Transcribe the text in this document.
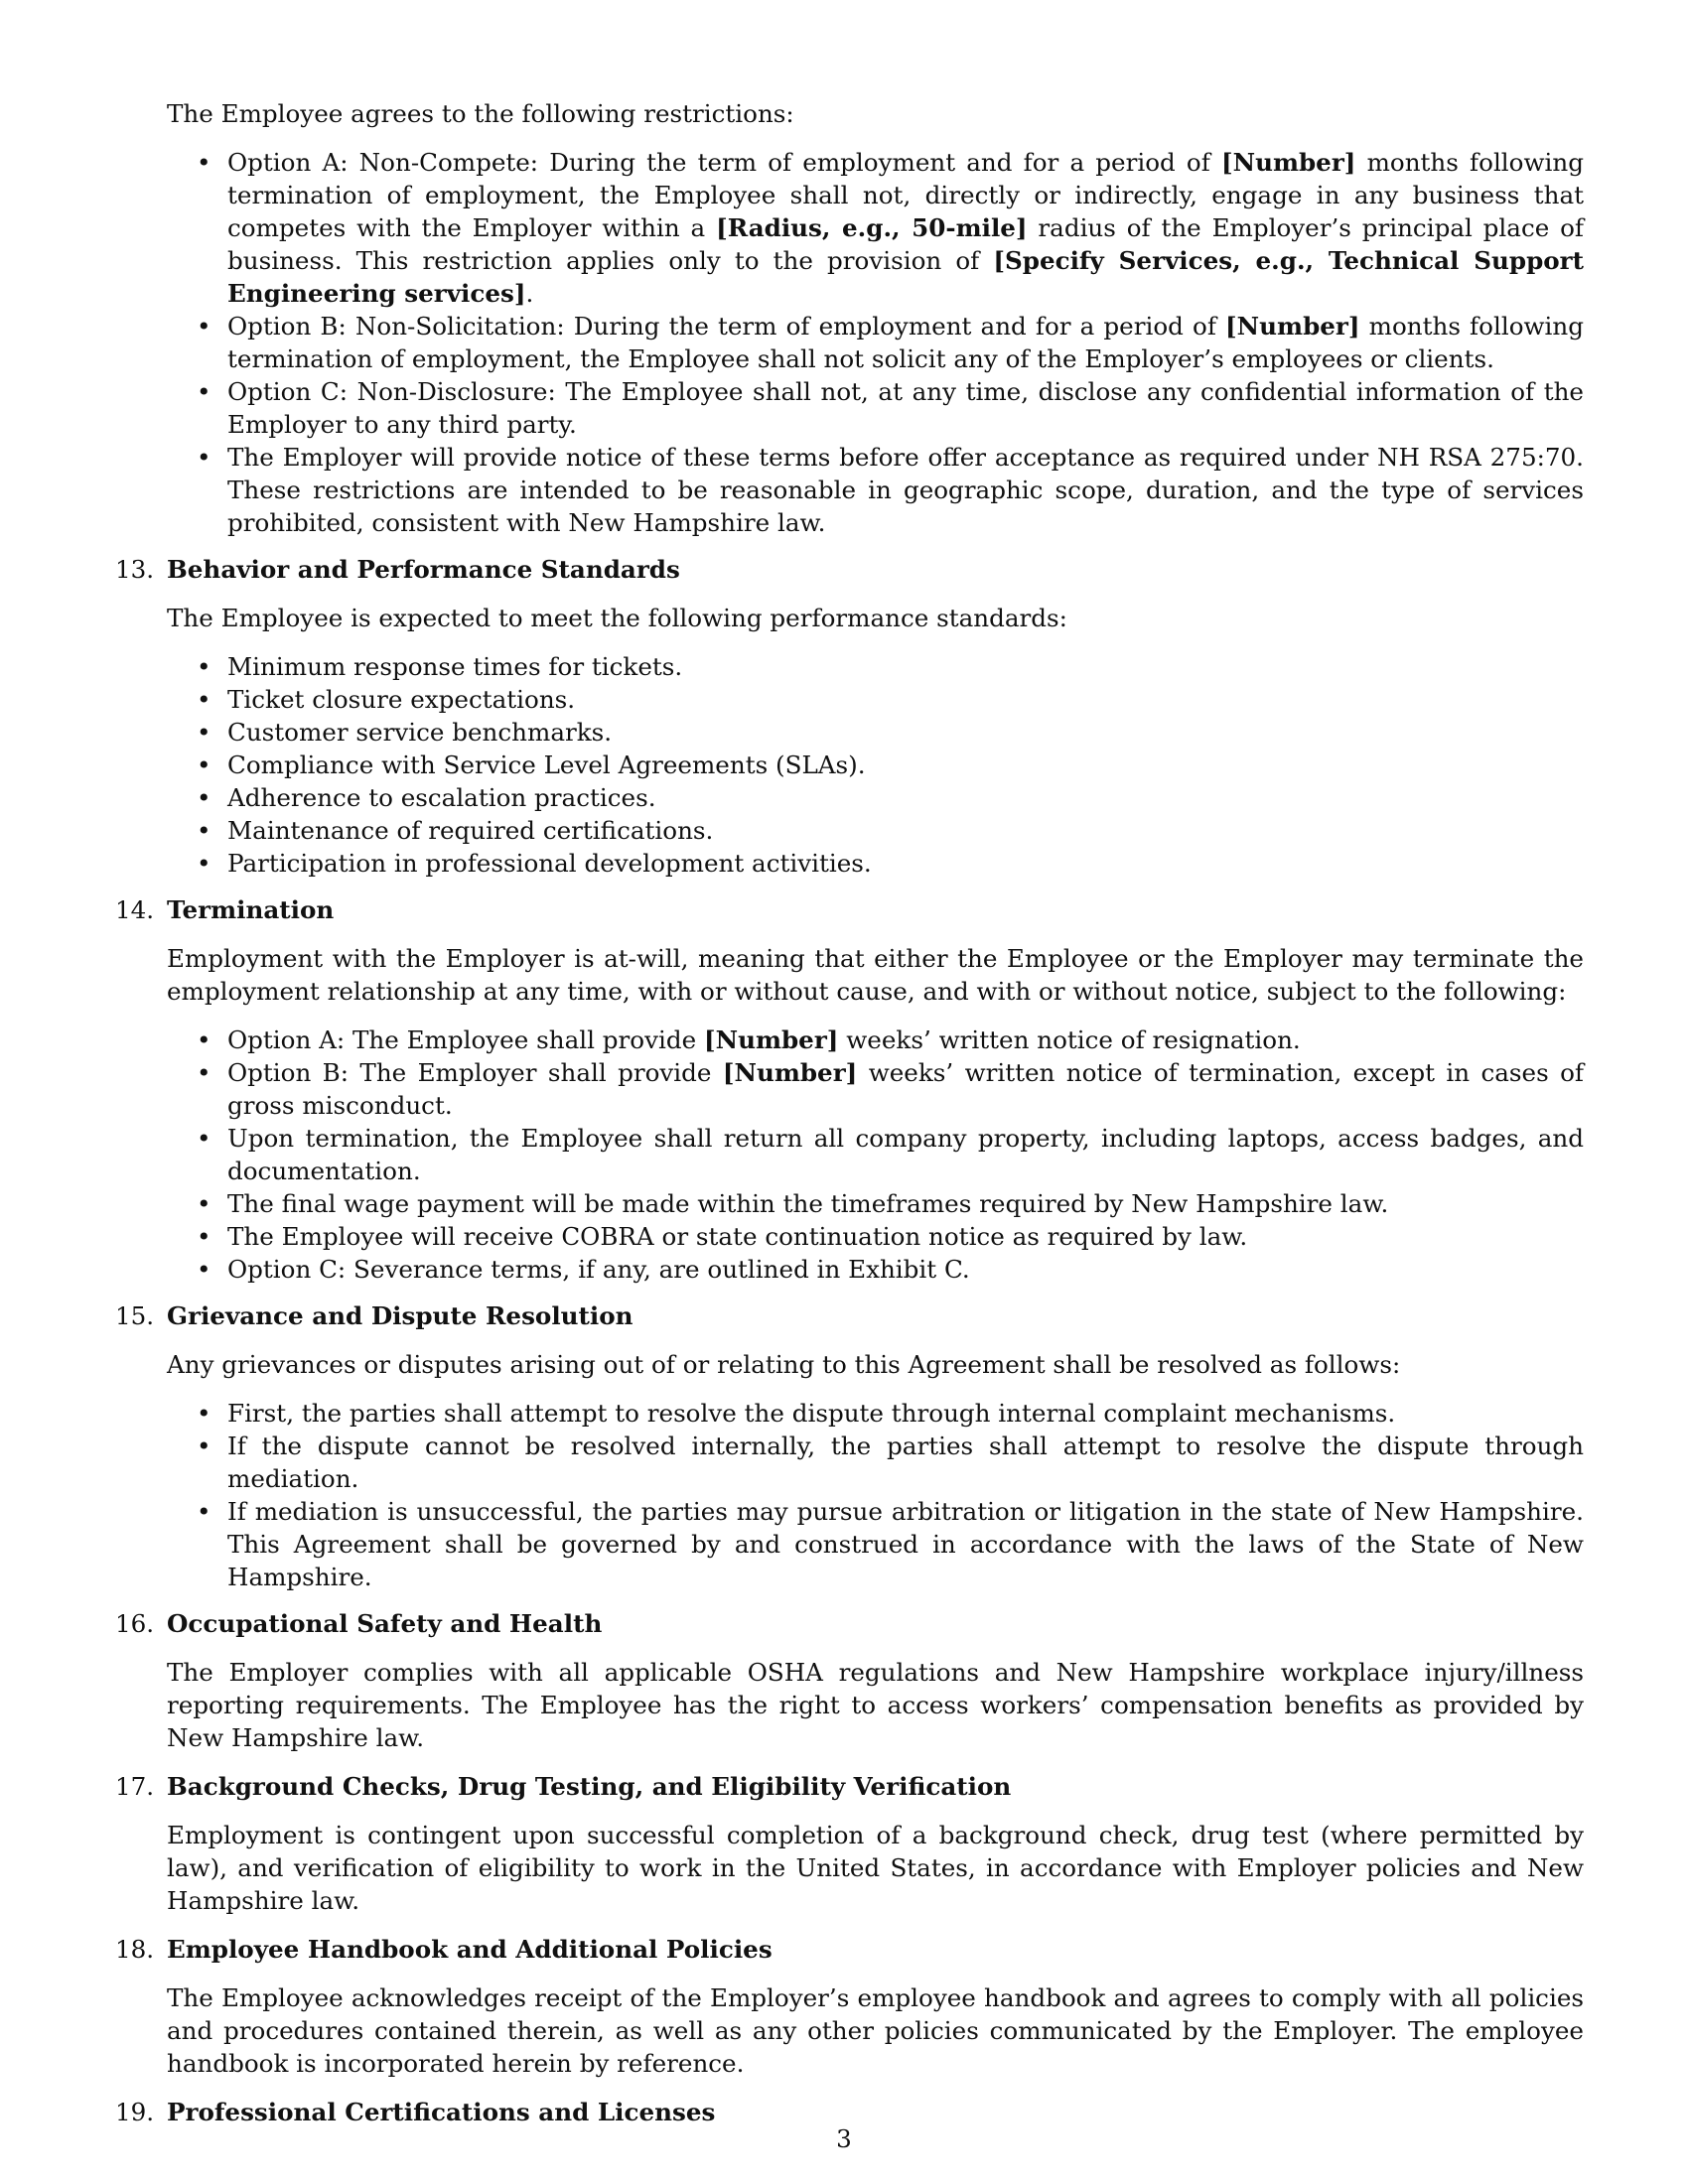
The Employee agrees to the following restrictions:

• Option A: Non-Compete: During the term of employment and for a period of [Number] months following termination of employment, the Employee shall not, directly or indirectly, engage in any business that competes with the Employer within a [Radius, e.g., 50-mile] radius of the Employer’s principal place of business. This restriction applies only to the provision of [Specify Services, e.g., Technical Support Engineering services].
• Option B: Non-Solicitation: During the term of employment and for a period of [Number] months following termination of employment, the Employee shall not solicit any of the Employer’s employees or clients.
• Option C: Non-Disclosure: The Employee shall not, at any time, disclose any confidential information of the Employer to any third party.
• The Employer will provide notice of these terms before offer acceptance as required under NH RSA 275:70. These restrictions are intended to be reasonable in geographic scope, duration, and the type of services prohibited, consistent with New Hampshire law.
13. Behavior and Performance Standards

The Employee is expected to meet the following performance standards:

• Minimum response times for tickets.
• Ticket closure expectations.
• Customer service benchmarks.
• Compliance with Service Level Agreements (SLAs).
• Adherence to escalation practices.
• Maintenance of required certifications.
• Participation in professional development activities.
14. Termination

Employment with the Employer is at-will, meaning that either the Employee or the Employer may terminate the employment relationship at any time, with or without cause, and with or without notice, subject to the following:

• Option A: The Employee shall provide [Number] weeks’ written notice of resignation.
• Option B: The Employer shall provide [Number] weeks’ written notice of termination, except in cases of gross misconduct.
• Upon termination, the Employee shall return all company property, including laptops, access badges, and documentation.
• The final wage payment will be made within the timeframes required by New Hampshire law.
• The Employee will receive COBRA or state continuation notice as required by law.
• Option C: Severance terms, if any, are outlined in Exhibit C.
15. Grievance and Dispute Resolution

Any grievances or disputes arising out of or relating to this Agreement shall be resolved as follows:

• First, the parties shall attempt to resolve the dispute through internal complaint mechanisms.
• If the dispute cannot be resolved internally, the parties shall attempt to resolve the dispute through mediation.
• If mediation is unsuccessful, the parties may pursue arbitration or litigation in the state of New Hampshire. This Agreement shall be governed by and construed in accordance with the laws of the State of New Hampshire.
16. Occupational Safety and Health

The Employer complies with all applicable OSHA regulations and New Hampshire workplace injury/illness reporting requirements. The Employee has the right to access workers’ compensation benefits as provided by New Hampshire law.

17. Background Checks, Drug Testing, and Eligibility Verification

Employment is contingent upon successful completion of a background check, drug test (where permitted by law), and verification of eligibility to work in the United States, in accordance with Employer policies and New Hampshire law.

18. Employee Handbook and Additional Policies

The Employee acknowledges receipt of the Employer’s employee handbook and agrees to comply with all policies and procedures contained therein, as well as any other policies communicated by the Employer. The employee handbook is incorporated herein by reference.

19. Professional Certifications and Licenses
3
